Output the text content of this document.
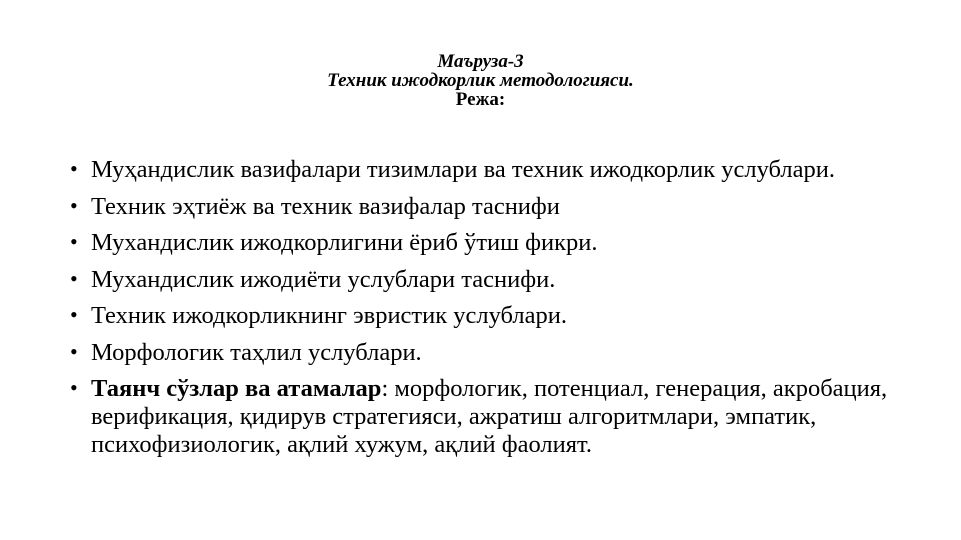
Маъруза-3
Техник ижодкорлик методологияси.
Режа:
• Муҳандислик вазифалари тизимлари ва техник ижодкорлик услублари.
• Техник эҳтиёж ва техник вазифалар таснифи
• Мухандислик ижодкорлигини ёриб ўтиш фикри.
• Мухандислик ижодиёти услублари таснифи.
• Техник ижодкорликнинг эвристик услублари.
• Морфологик таҳлил услублари.
• Таянч сўзлар ва атамалар: морфологик, потенциал, генерация, акробация, верификация, қидирув стратегияси, ажратиш алгоритмлари, эмпатик, психофизиологик, ақлий хужум, ақлий фаолият.
